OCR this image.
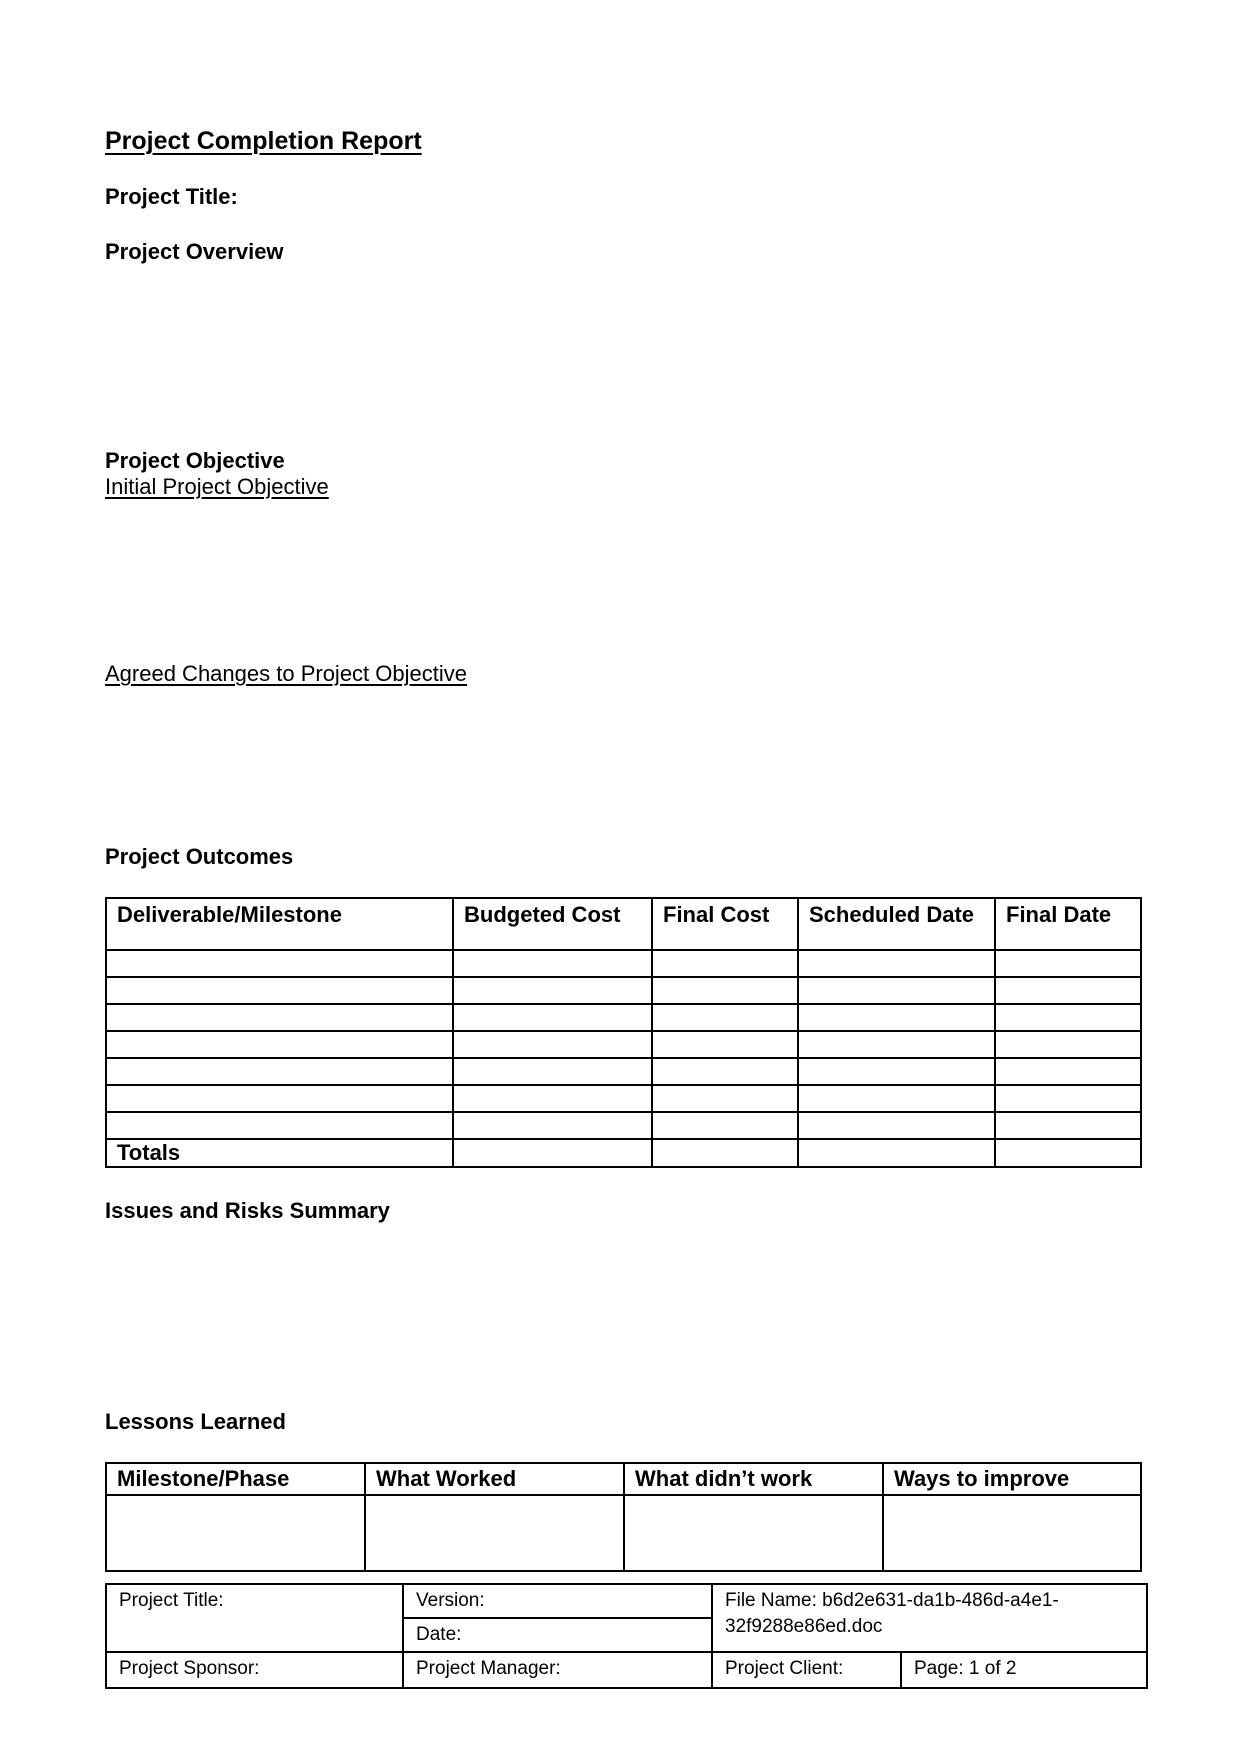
Project Completion Report
Project Title:
Project Overview
Project Objective
Initial Project Objective
Agreed Changes to Project Objective
Project Outcomes
Deliverable/Milestone	Budgeted Cost	Final Cost	Scheduled Date	Final Date

Totals				
Issues and Risks Summary
Lessons Learned
Milestone/Phase	What Worked	What didn’t work	Ways to improve

Project Title:	Version:	File Name: b6d2e631-da1b-486d-a4e1-32f9288e86ed.doc	
	Date:		
Project Sponsor:	Project Manager:	Project Client:	Page: 1 of 2
